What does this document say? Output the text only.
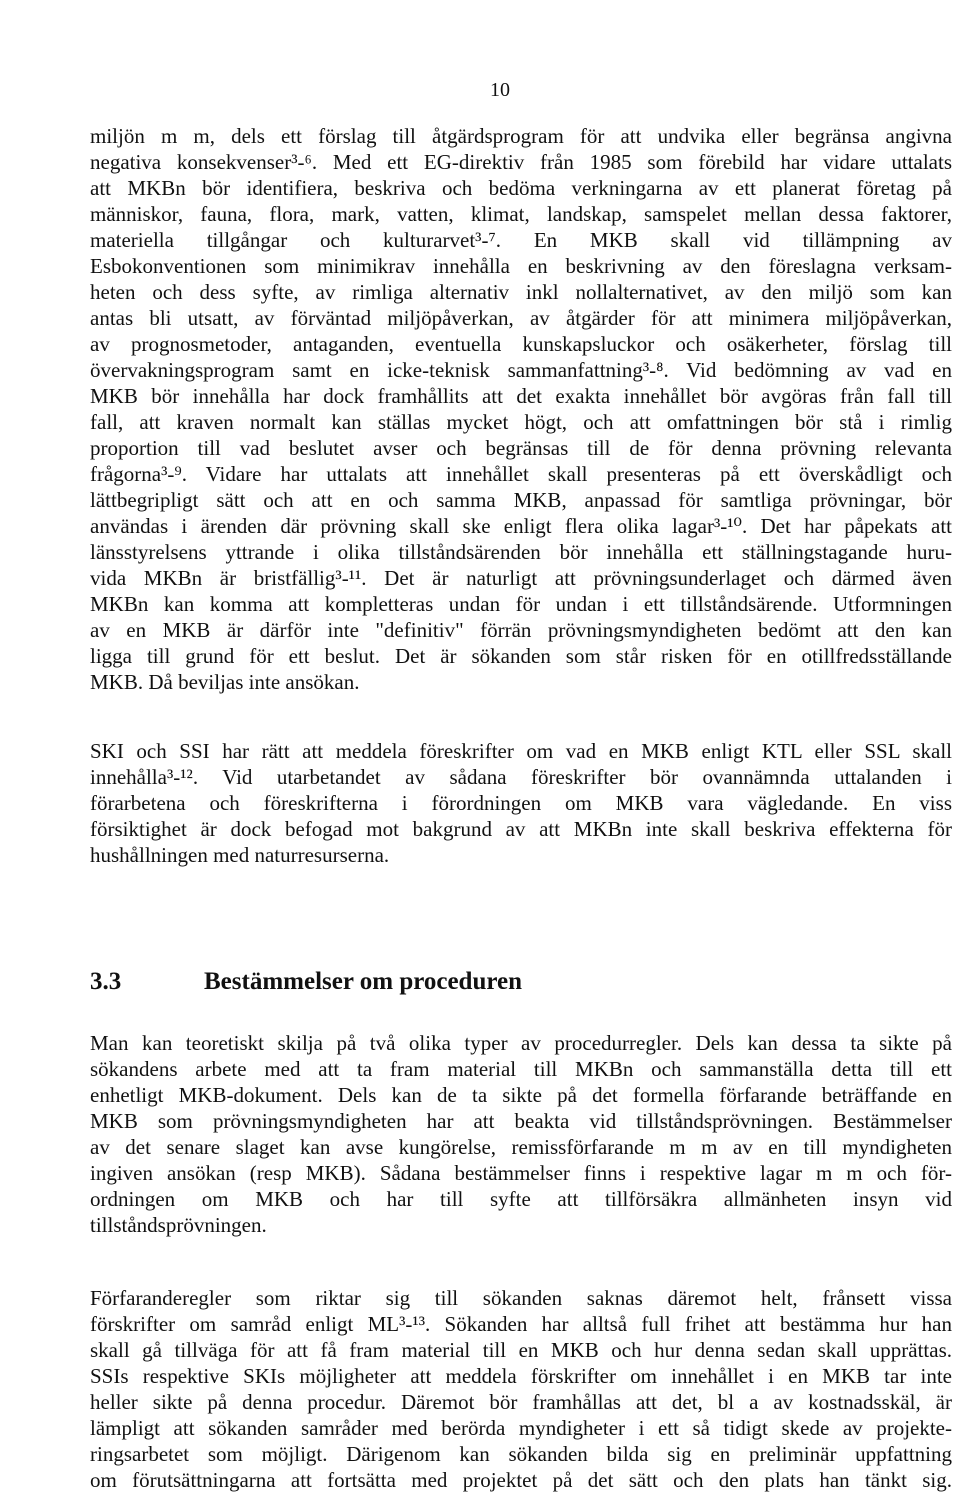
10
miljön m m, dels ett förslag till åtgärdsprogram för att undvika eller begränsa angivna
negativa konsekvenser³‑⁶. Med ett EG-direktiv från 1985 som förebild har vidare uttalats
att MKBn bör identifiera, beskriva och bedöma verkningarna av ett planerat företag på
människor, fauna, flora, mark, vatten, klimat, landskap, samspelet mellan dessa faktorer,
materiella tillgångar och kulturarvet³‑⁷. En MKB skall vid tillämpning av
Esbokonventionen som minimikrav innehålla en beskrivning av den föreslagna verksam-
heten och dess syfte, av rimliga alternativ inkl nollalternativet, av den miljö som kan
antas bli utsatt, av förväntad miljöpåverkan, av åtgärder för att minimera miljöpåverkan,
av prognosmetoder, antaganden, eventuella kunskapsluckor och osäkerheter, förslag till
övervakningsprogram samt en icke-teknisk sammanfattning³‑⁸. Vid bedömning av vad en
MKB bör innehålla har dock framhållits att det exakta innehållet bör avgöras från fall till
fall, att kraven normalt kan ställas mycket högt, och att omfattningen bör stå i rimlig
proportion till vad beslutet avser och begränsas till de för denna prövning relevanta
frågorna³‑⁹. Vidare har uttalats att innehållet skall presenteras på ett överskådligt och
lättbegripligt sätt och att en och samma MKB, anpassad för samtliga prövningar, bör
användas i ärenden där prövning skall ske enligt flera olika lagar³‑¹⁰. Det har påpekats att
länsstyrelsens yttrande i olika tillståndsärenden bör innehålla ett ställningstagande huru-
vida MKBn är bristfällig³‑¹¹. Det är naturligt att prövningsunderlaget och därmed även
MKBn kan komma att kompletteras undan för undan i ett tillståndsärende. Utformningen
av en MKB är därför inte "definitiv" förrän prövningsmyndigheten bedömt att den kan
ligga till grund för ett beslut. Det är sökanden som står risken för en otillfredsställande
MKB. Då beviljas inte ansökan.
SKI och SSI har rätt att meddela föreskrifter om vad en MKB enligt KTL eller SSL skall
innehålla³‑¹². Vid utarbetandet av sådana föreskrifter bör ovannämnda uttalanden i
förarbetena och föreskrifterna i förordningen om MKB vara vägledande. En viss
försiktighet är dock befogad mot bakgrund av att MKBn inte skall beskriva effekterna för
hushållningen med naturresurserna.
3.3	Bestämmelser om proceduren
Man kan teoretiskt skilja på två olika typer av procedurregler. Dels kan dessa ta sikte på
sökandens arbete med att ta fram material till MKBn och sammanställa detta till ett
enhetligt MKB-dokument. Dels kan de ta sikte på det formella förfarande beträffande en
MKB som prövningsmyndigheten har att beakta vid tillståndsprövningen. Bestämmelser
av det senare slaget kan avse kungörelse, remissförfarande m m av en till myndigheten
ingiven ansökan (resp MKB). Sådana bestämmelser finns i respektive lagar m m och för-
ordningen om MKB och har till syfte att tillförsäkra allmänheten insyn vid
tillståndsprövningen.
Förfaranderegler som riktar sig till sökanden saknas däremot helt, frånsett vissa
förskrifter om samråd enligt ML³‑¹³. Sökanden har alltså full frihet att bestämma hur han
skall gå tillväga för att få fram material till en MKB och hur denna sedan skall upprättas.
SSIs respektive SKIs möjligheter att meddela förskrifter om innehållet i en MKB tar inte
heller sikte på denna procedur. Däremot bör framhållas att det, bl a av kostnadsskäl, är
lämpligt att sökanden samråder med berörda myndigheter i ett så tidigt skede av projekte-
ringsarbetet som möjligt. Därigenom kan sökanden bilda sig en preliminär uppfattning
om förutsättningarna att fortsätta med projektet på det sätt och den plats han tänkt sig.
